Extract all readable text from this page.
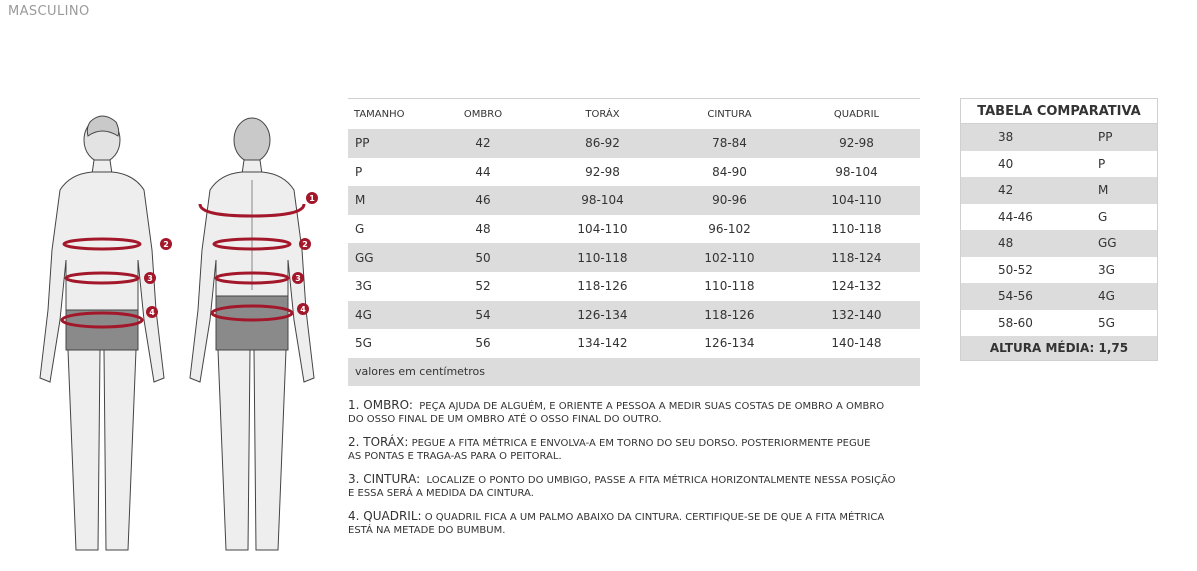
MASCULINO
2
3
4
1
2
3
4
TAMANHO	OMBRO	TORÁX	CINTURA	QUADRIL
PP	42	86-92	78-84	92-98
P	44	92-98	84-90	98-104
M	46	98-104	90-96	104-110
G	48	104-110	96-102	110-118
GG	50	110-118	102-110	118-124
3G	52	118-126	110-118	124-132
4G	54	126-134	118-126	132-140
5G	56	134-142	126-134	140-148
valores em centímetros				
TABELA COMPARATIVA
38	PP
40	P
42	M
44-46	G
48	GG
50-52	3G
54-56	4G
58-60	5G
ALTURA MÉDIA: 1,75	

1. OMBRO: PEÇA AJUDA DE ALGUÉM, E ORIENTE A PESSOA A MEDIR SUAS COSTAS DE OMBRO A OMBRO
DO OSSO FINAL DE UM OMBRO ATÉ O OSSO FINAL DO OUTRO.

2. TORÁX: PEGUE A FITA MÉTRICA E ENVOLVA-A EM TORNO DO SEU DORSO. POSTERIORMENTE PEGUE
AS PONTAS E TRAGA-AS PARA O PEITORAL.

3. CINTURA: LOCALIZE O PONTO DO UMBIGO, PASSE A FITA MÉTRICA HORIZONTALMENTE NESSA POSIÇÃO
E ESSA SERÁ A MEDIDA DA CINTURA.

4. QUADRIL: O QUADRIL FICA A UM PALMO ABAIXO DA CINTURA. CERTIFIQUE-SE DE QUE A FITA MÉTRICA
ESTÁ NA METADE DO BUMBUM.
